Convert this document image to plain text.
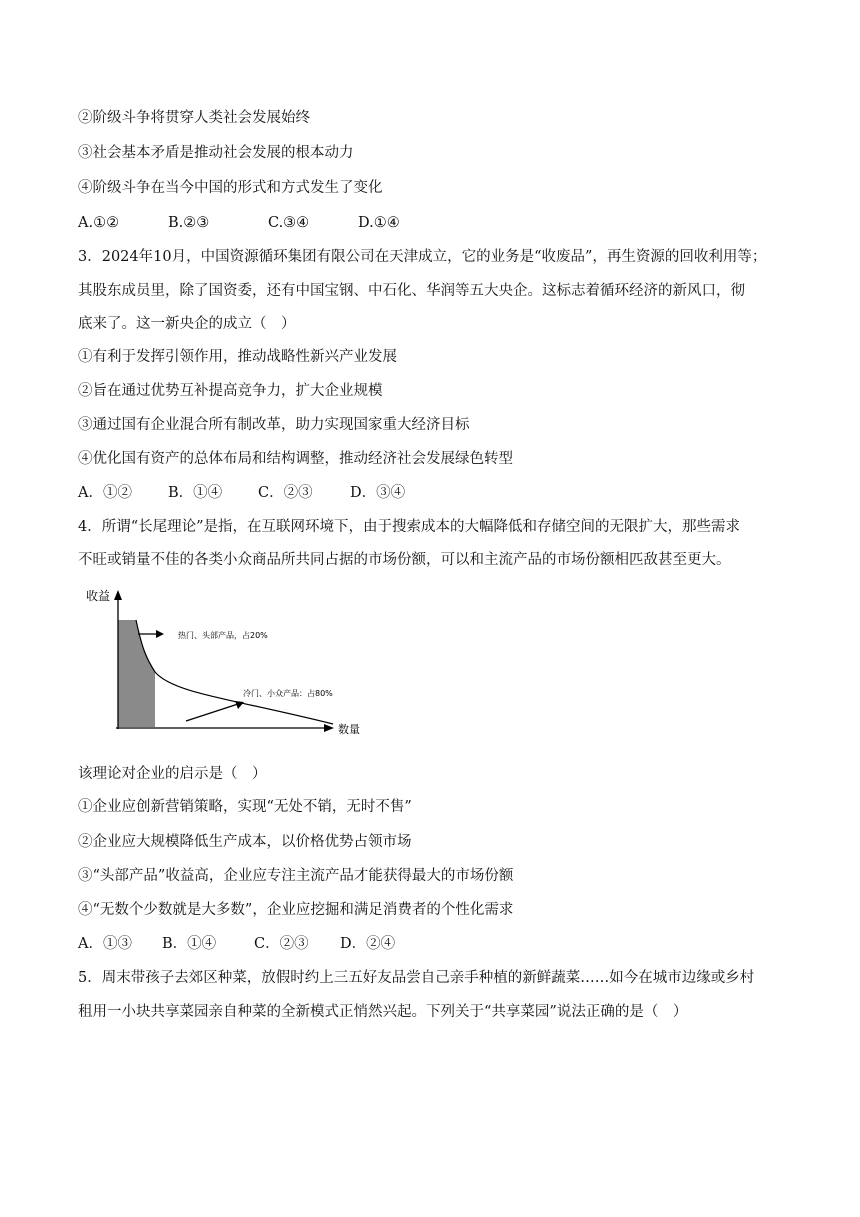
②阶级斗争将贯穿人类社会发展始终
③社会基本矛盾是推动社会发展的根本动力
④阶级斗争在当今中国的形式和方式发生了变化
A.①②	B.②③	C.③④	D.①④
3．2024年10月，中国资源循环集团有限公司在天津成立，它的业务是“收废品”，再生资源的回收利用等；
其股东成员里，除了国资委，还有中国宝钢、中石化、华润等五大央企。这标志着循环经济的新风口，彻
底来了。这一新央企的成立（　）
①有利于发挥引领作用，推动战略性新兴产业发展
②旨在通过优势互补提高竞争力，扩大企业规模
③通过国有企业混合所有制改革，助力实现国家重大经济目标
④优化国有资产的总体布局和结构调整，推动经济社会发展绿色转型
A．①② B．①④ C．②③	D．③④
4．所谓“长尾理论”是指，在互联网环境下，由于搜索成本的大幅降低和存储空间的无限扩大，那些需求
不旺或销量不佳的各类小众商品所共同占据的市场份额，可以和主流产品的市场份额相匹敌甚至更大。
收益
数量
热门、头部产品，占20%
冷门、小众产品：占80%
该理论对企业的启示是（　）
①企业应创新营销策略，实现“无处不销，无时不售”
②企业应大规模降低生产成本，以价格优势占领市场
③“头部产品”收益高，企业应专注主流产品才能获得最大的市场份额
④“无数个少数就是大多数”，企业应挖掘和满足消费者的个性化需求
A．①③ B．①④	C．②③ D．②④
5．周末带孩子去郊区种菜，放假时约上三五好友品尝自己亲手种植的新鲜蔬菜……如今在城市边缘或乡村
租用一小块共享菜园亲自种菜的全新模式正悄然兴起。下列关于“共享菜园”说法正确的是（　）
